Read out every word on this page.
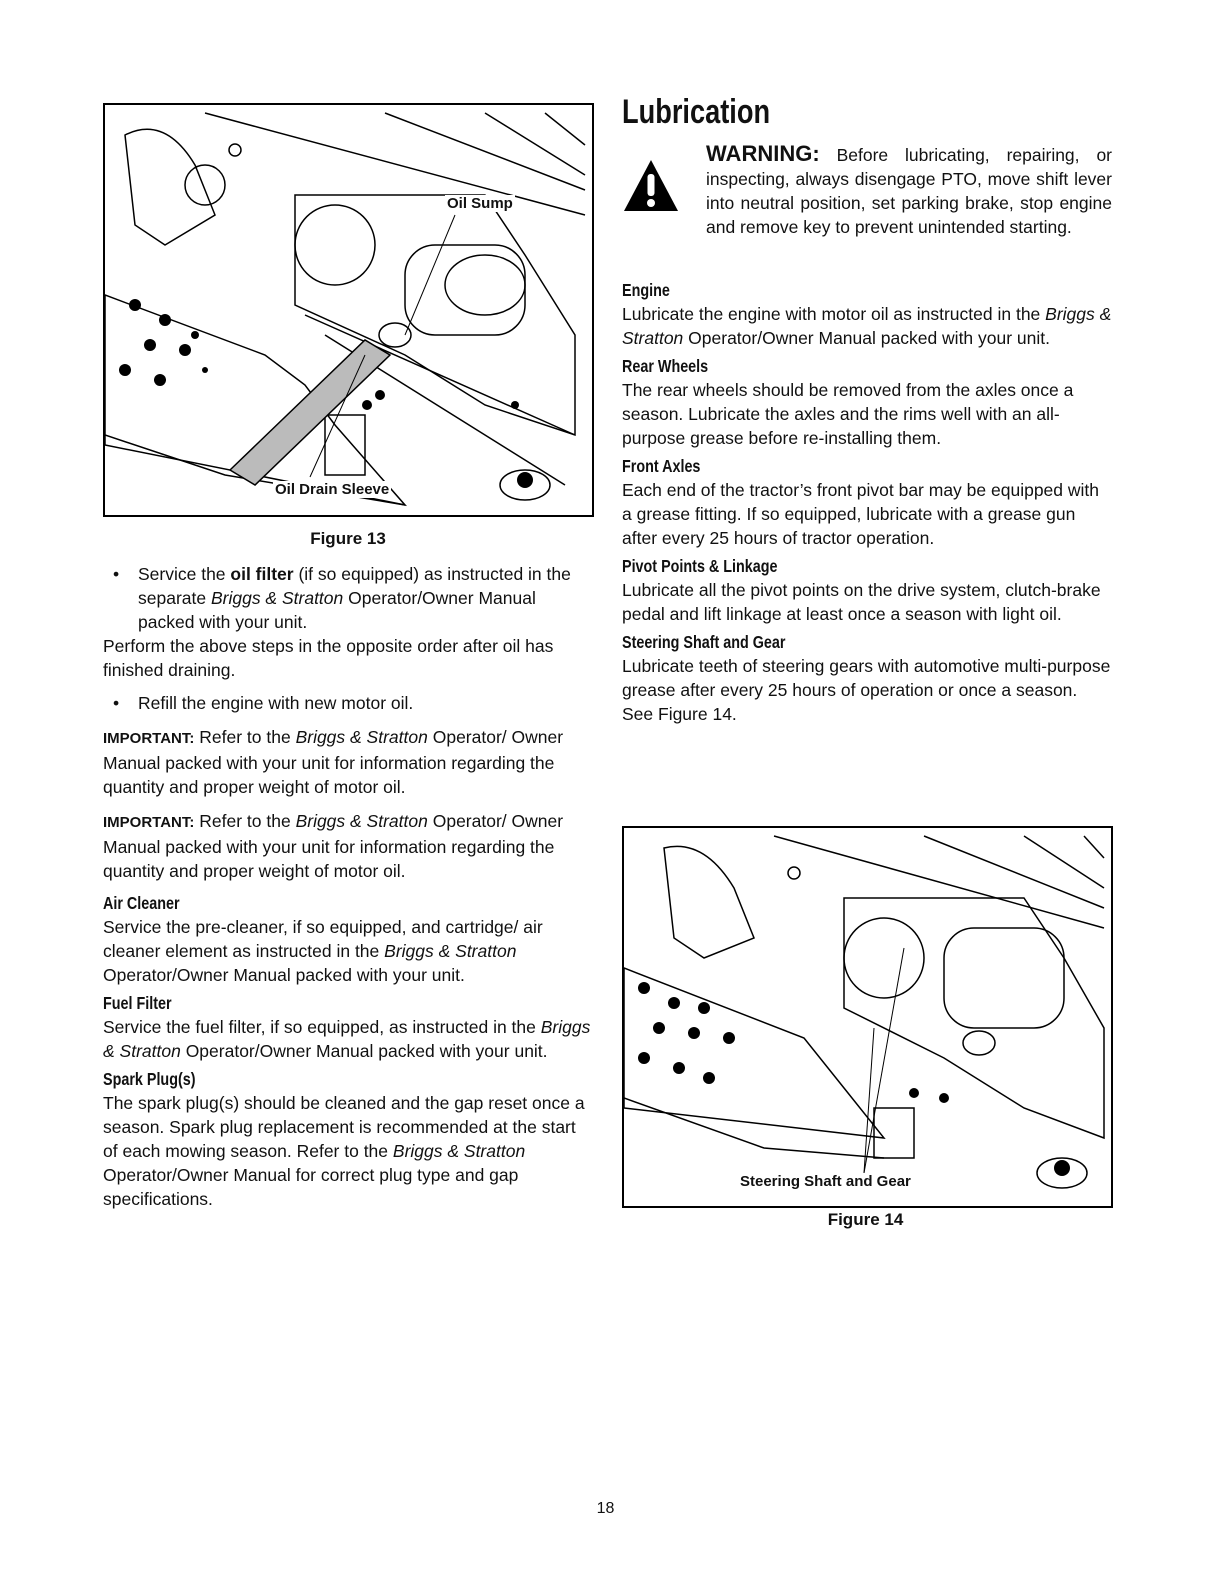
Oil Sump
Oil Drain Sleeve
Figure 13

• Service the oil filter (if so equipped) as instructed in the separate Briggs & Stratton Operator/Owner Manual packed with your unit.

Perform the above steps in the opposite order after oil has finished draining.

• Refill the engine with new motor oil.

IMPORTANT: Refer to the Briggs & Stratton Operator/ Owner Manual packed with your unit for information regarding the quantity and proper weight of motor oil.

IMPORTANT: Refer to the Briggs & Stratton Operator/ Owner Manual packed with your unit for information regarding the quantity and proper weight of motor oil.

Air Cleaner

Service the pre-cleaner, if so equipped, and cartridge/ air cleaner element as instructed in the Briggs & Stratton Operator/Owner Manual packed with your unit.

Fuel Filter

Service the fuel filter, if so equipped, as instructed in the Briggs & Stratton Operator/Owner Manual packed with your unit.

Spark Plug(s)

The spark plug(s) should be cleaned and the gap reset once a season. Spark plug replacement is recommended at the start of each mowing season. Refer to the Briggs & Stratton Operator/Owner Manual for correct plug type and gap specifications.

Lubrication

WARNING: Before lubricating, repairing, or inspecting, always disengage PTO, move shift lever into neutral position, set parking brake, stop engine and remove key to prevent unintended starting.

Engine

Lubricate the engine with motor oil as instructed in the Briggs & Stratton Operator/Owner Manual packed with your unit.

Rear Wheels

The rear wheels should be removed from the axles once a season. Lubricate the axles and the rims well with an all-purpose grease before re-installing them.

Front Axles

Each end of the tractor’s front pivot bar may be equipped with a grease fitting. If so equipped, lubricate with a grease gun after every 25 hours of tractor operation.

Pivot Points & Linkage

Lubricate all the pivot points on the drive system, clutch-brake pedal and lift linkage at least once a season with light oil.

Steering Shaft and Gear

Lubricate teeth of steering gears with automotive multi-purpose grease after every 25 hours of operation or once a season. See Figure 14.

Steering Shaft and Gear
Figure 14
18
